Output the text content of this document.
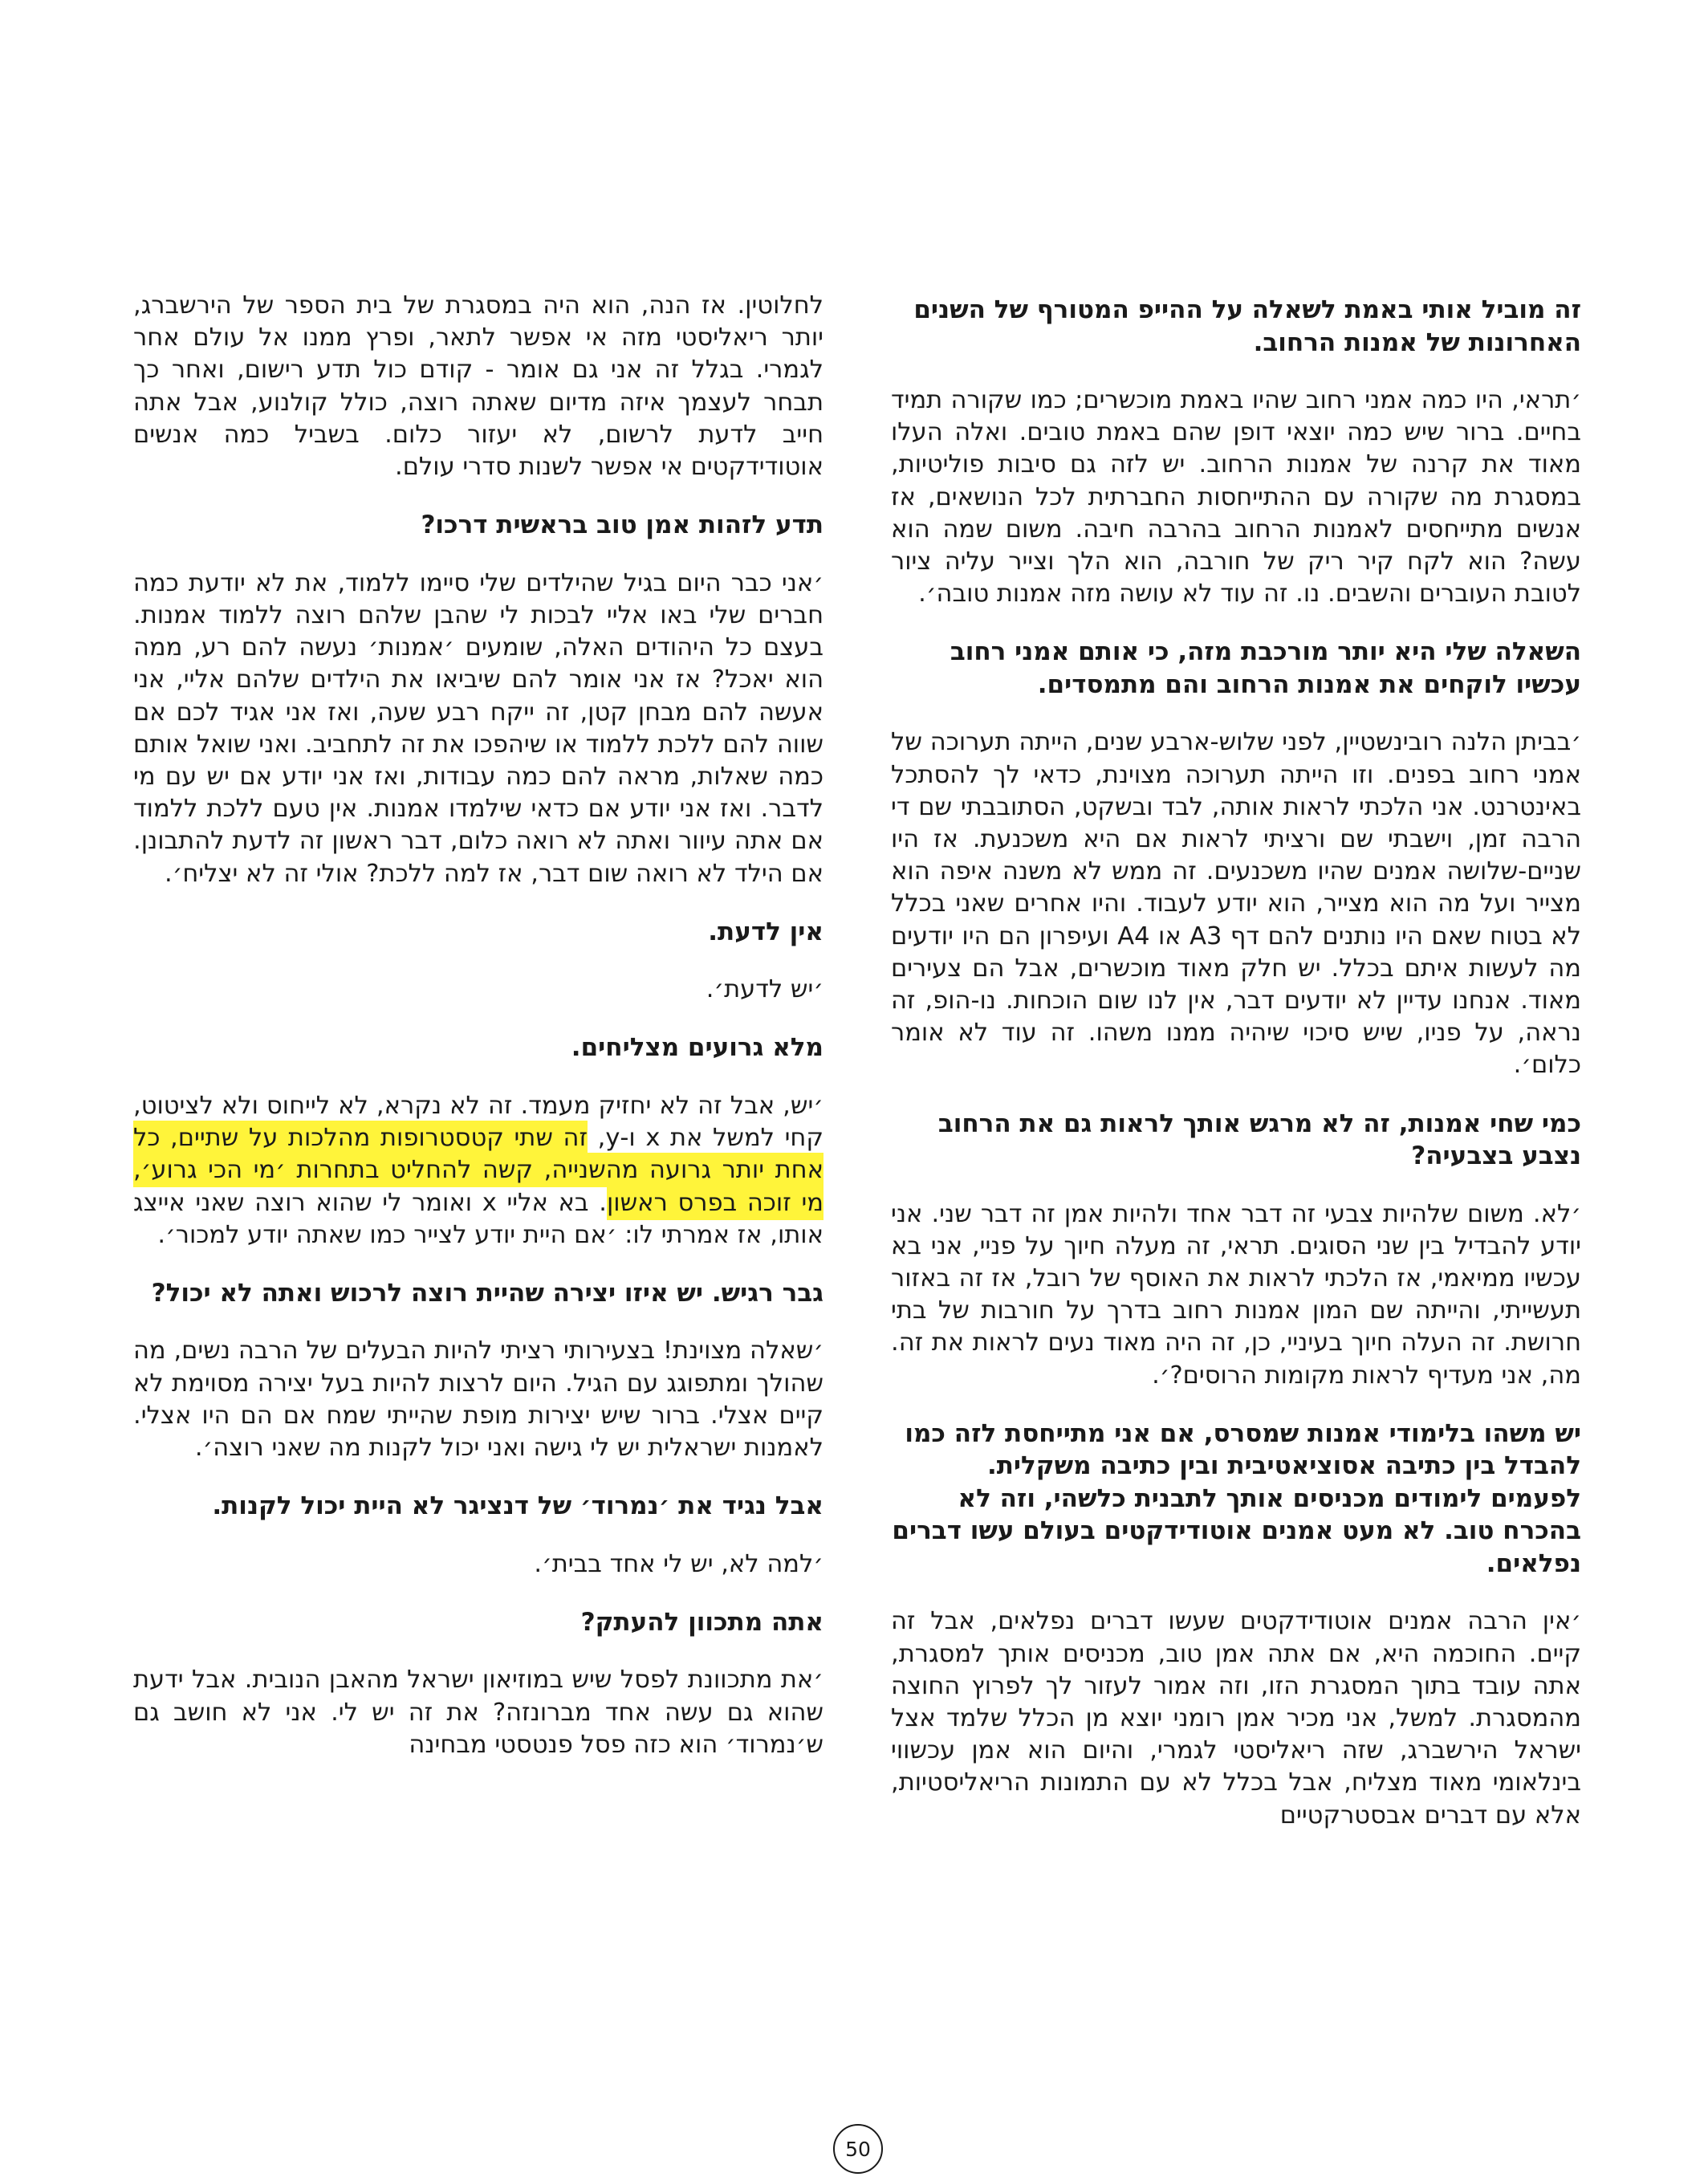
זה מוביל אותי באמת לשאלה על ההייפ המטורף של השנים האחרונות של אמנות הרחוב.

׳תראי, היו כמה אמני רחוב שהיו באמת מוכשרים; כמו שקורה תמיד בחיים. ברור שיש כמה יוצאי דופן שהם באמת טובים. ואלה העלו מאוד את קרנה של אמנות הרחוב. יש לזה גם סיבות פוליטיות, במסגרת מה שקורה עם ההתייחסות החברתית לכל הנושאים, אז אנשים מתייחסים לאמנות הרחוב בהרבה חיבה. משום שמה הוא עשה? הוא לקח קיר ריק של חורבה, הוא הלך וצייר עליה ציור לטובת העוברים והשבים. נו. זה עוד לא עושה מזה אמנות טובה׳.

השאלה שלי היא יותר מורכבת מזה, כי אותם אמני רחוב עכשיו לוקחים את אמנות הרחוב והם מתמסדים.

׳בביתן הלנה רובינשטיין, לפני שלוש-ארבע שנים, הייתה תערוכה של אמני רחוב בפנים. וזו הייתה תערוכה מצוינת, כדאי לך להסתכל באינטרנט. אני הלכתי לראות אותה, לבד ובשקט, הסתובבתי שם די הרבה זמן, וישבתי שם ורציתי לראות אם היא משכנעת. אז היו שניים-שלושה אמנים שהיו משכנעים. זה ממש לא משנה איפה הוא מצייר ועל מה הוא מצייר, הוא יודע לעבוד. והיו אחרים שאני בכלל לא בטוח שאם היו נותנים להם דף A3 או A4 ועיפרון הם היו יודעים מה לעשות איתם בכלל. יש חלק מאוד מוכשרים, אבל הם צעירים מאוד. אנחנו עדיין לא יודעים דבר, אין לנו שום הוכחות. נו-הופ, זה נראה, על פניו, שיש סיכוי שיהיה ממנו משהו. זה עוד לא אומר כלום׳.

כמי שחי אמנות, זה לא מרגש אותך לראות גם את הרחוב נצבע בצבעיה?

׳לא. משום שלהיות צבעי זה דבר אחד ולהיות אמן זה דבר שני. אני יודע להבדיל בין שני הסוגים. תראי, זה מעלה חיוך על פניי, אני בא עכשיו ממיאמי, אז הלכתי לראות את האוסף של רובל, אז זה באזור תעשייתי, והייתה שם המון אמנות רחוב בדרך על חורבות של בתי חרושת. זה העלה חיוך בעיניי, כן, זה היה מאוד נעים לראות את זה. מה, אני מעדיף לראות מקומות הרוסים?׳.

יש משהו בלימודי אמנות שמסרס, אם אני מתייחסת לזה כמו להבדל בין כתיבה אסוציאטיבית ובין כתיבה משקלית. לפעמים לימודים מכניסים אותך לתבנית כלשהי, וזה לא בהכרח טוב. לא מעט אמנים אוטודידקטים בעולם עשו דברים נפלאים.

׳אין הרבה אמנים אוטודידקטים שעשו דברים נפלאים, אבל זה קיים. החוכמה היא, אם אתה אמן טוב, מכניסים אותך למסגרת, אתה עובד בתוך המסגרת הזו, וזה אמור לעזור לך לפרוץ החוצה מהמסגרת. למשל, אני מכיר אמן רומני יוצא מן הכלל שלמד אצל ישראל הירשברג, שזה ריאליסטי לגמרי, והיום הוא אמן עכשווי בינלאומי מאוד מצליח, אבל בכלל לא עם התמונות הריאליסטיות, אלא עם דברים אבסטרקטיים

לחלוטין. אז הנה, הוא היה במסגרת של בית הספר של הירשברג, יותר ריאליסטי מזה אי אפשר לתאר, ופרץ ממנו אל עולם אחר לגמרי. בגלל זה אני גם אומר - קודם כול תדע רישום, ואחר כך תבחר לעצמך איזה מדיום שאתה רוצה, כולל קולנוע, אבל אתה חייב לדעת לרשום, לא יעזור כלום. בשביל כמה אנשים אוטודידקטים אי אפשר לשנות סדרי עולם.

תדע לזהות אמן טוב בראשית דרכו?

׳אני כבר היום בגיל שהילדים שלי סיימו ללמוד, את לא יודעת כמה חברים שלי באו אליי לבכות לי שהבן שלהם רוצה ללמוד אמנות. בעצם כל היהודים האלה, שומעים ׳אמנות׳ נעשה להם רע, ממה הוא יאכל? אז אני אומר להם שיביאו את הילדים שלהם אליי, אני אעשה להם מבחן קטן, זה ייקח רבע שעה, ואז אני אגיד לכם אם שווה להם ללכת ללמוד או שיהפכו את זה לתחביב. ואני שואל אותם כמה שאלות, מראה להם כמה עבודות, ואז אני יודע אם יש עם מי לדבר. ואז אני יודע אם כדאי שילמדו אמנות. אין טעם ללכת ללמוד אם אתה עיוור ואתה לא רואה כלום, דבר ראשון זה לדעת להתבונן. אם הילד לא רואה שום דבר, אז למה ללכת? אולי זה לא יצליח׳.

אין לדעת.

׳יש לדעת׳.

מלא גרועים מצליחים.

׳יש, אבל זה לא יחזיק מעמד. זה לא נקרא, לא לייחוס ולא לציטוט, קחי למשל את x ו-y, זה שתי קטסטרופות מהלכות על שתיים, כל אחת יותר גרועה מהשנייה, קשה להחליט בתחרות ׳מי הכי גרוע׳, מי זוכה בפרס ראשון. בא אליי x ואומר לי שהוא רוצה שאני אייצג אותו, אז אמרתי לו: ׳אם היית יודע לצייר כמו שאתה יודע למכור׳.

גבר רגיש. יש איזו יצירה שהיית רוצה לרכוש ואתה לא יכול?

׳שאלה מצוינת! בצעירותי רציתי להיות הבעלים של הרבה נשים, מה שהולך ומתפוגג עם הגיל. היום לרצות להיות בעל יצירה מסוימת לא קיים אצלי. ברור שיש יצירות מופת שהייתי שמח אם הם היו אצלי. לאמנות ישראלית יש לי גישה ואני יכול לקנות מה שאני רוצה׳.

אבל נגיד את ׳נמרוד׳ של דנציגר לא היית יכול לקנות.

׳למה לא, יש לי אחד בבית׳.

אתה מתכוון להעתק?

׳את מתכוונת לפסל שיש במוזיאון ישראל מהאבן הנובית. אבל ידעת שהוא גם עשה אחד מברונזה? את זה יש לי. אני לא חושב גם ש׳נמרוד׳ הוא כזה פסל פנטסטי מבחינה

50
